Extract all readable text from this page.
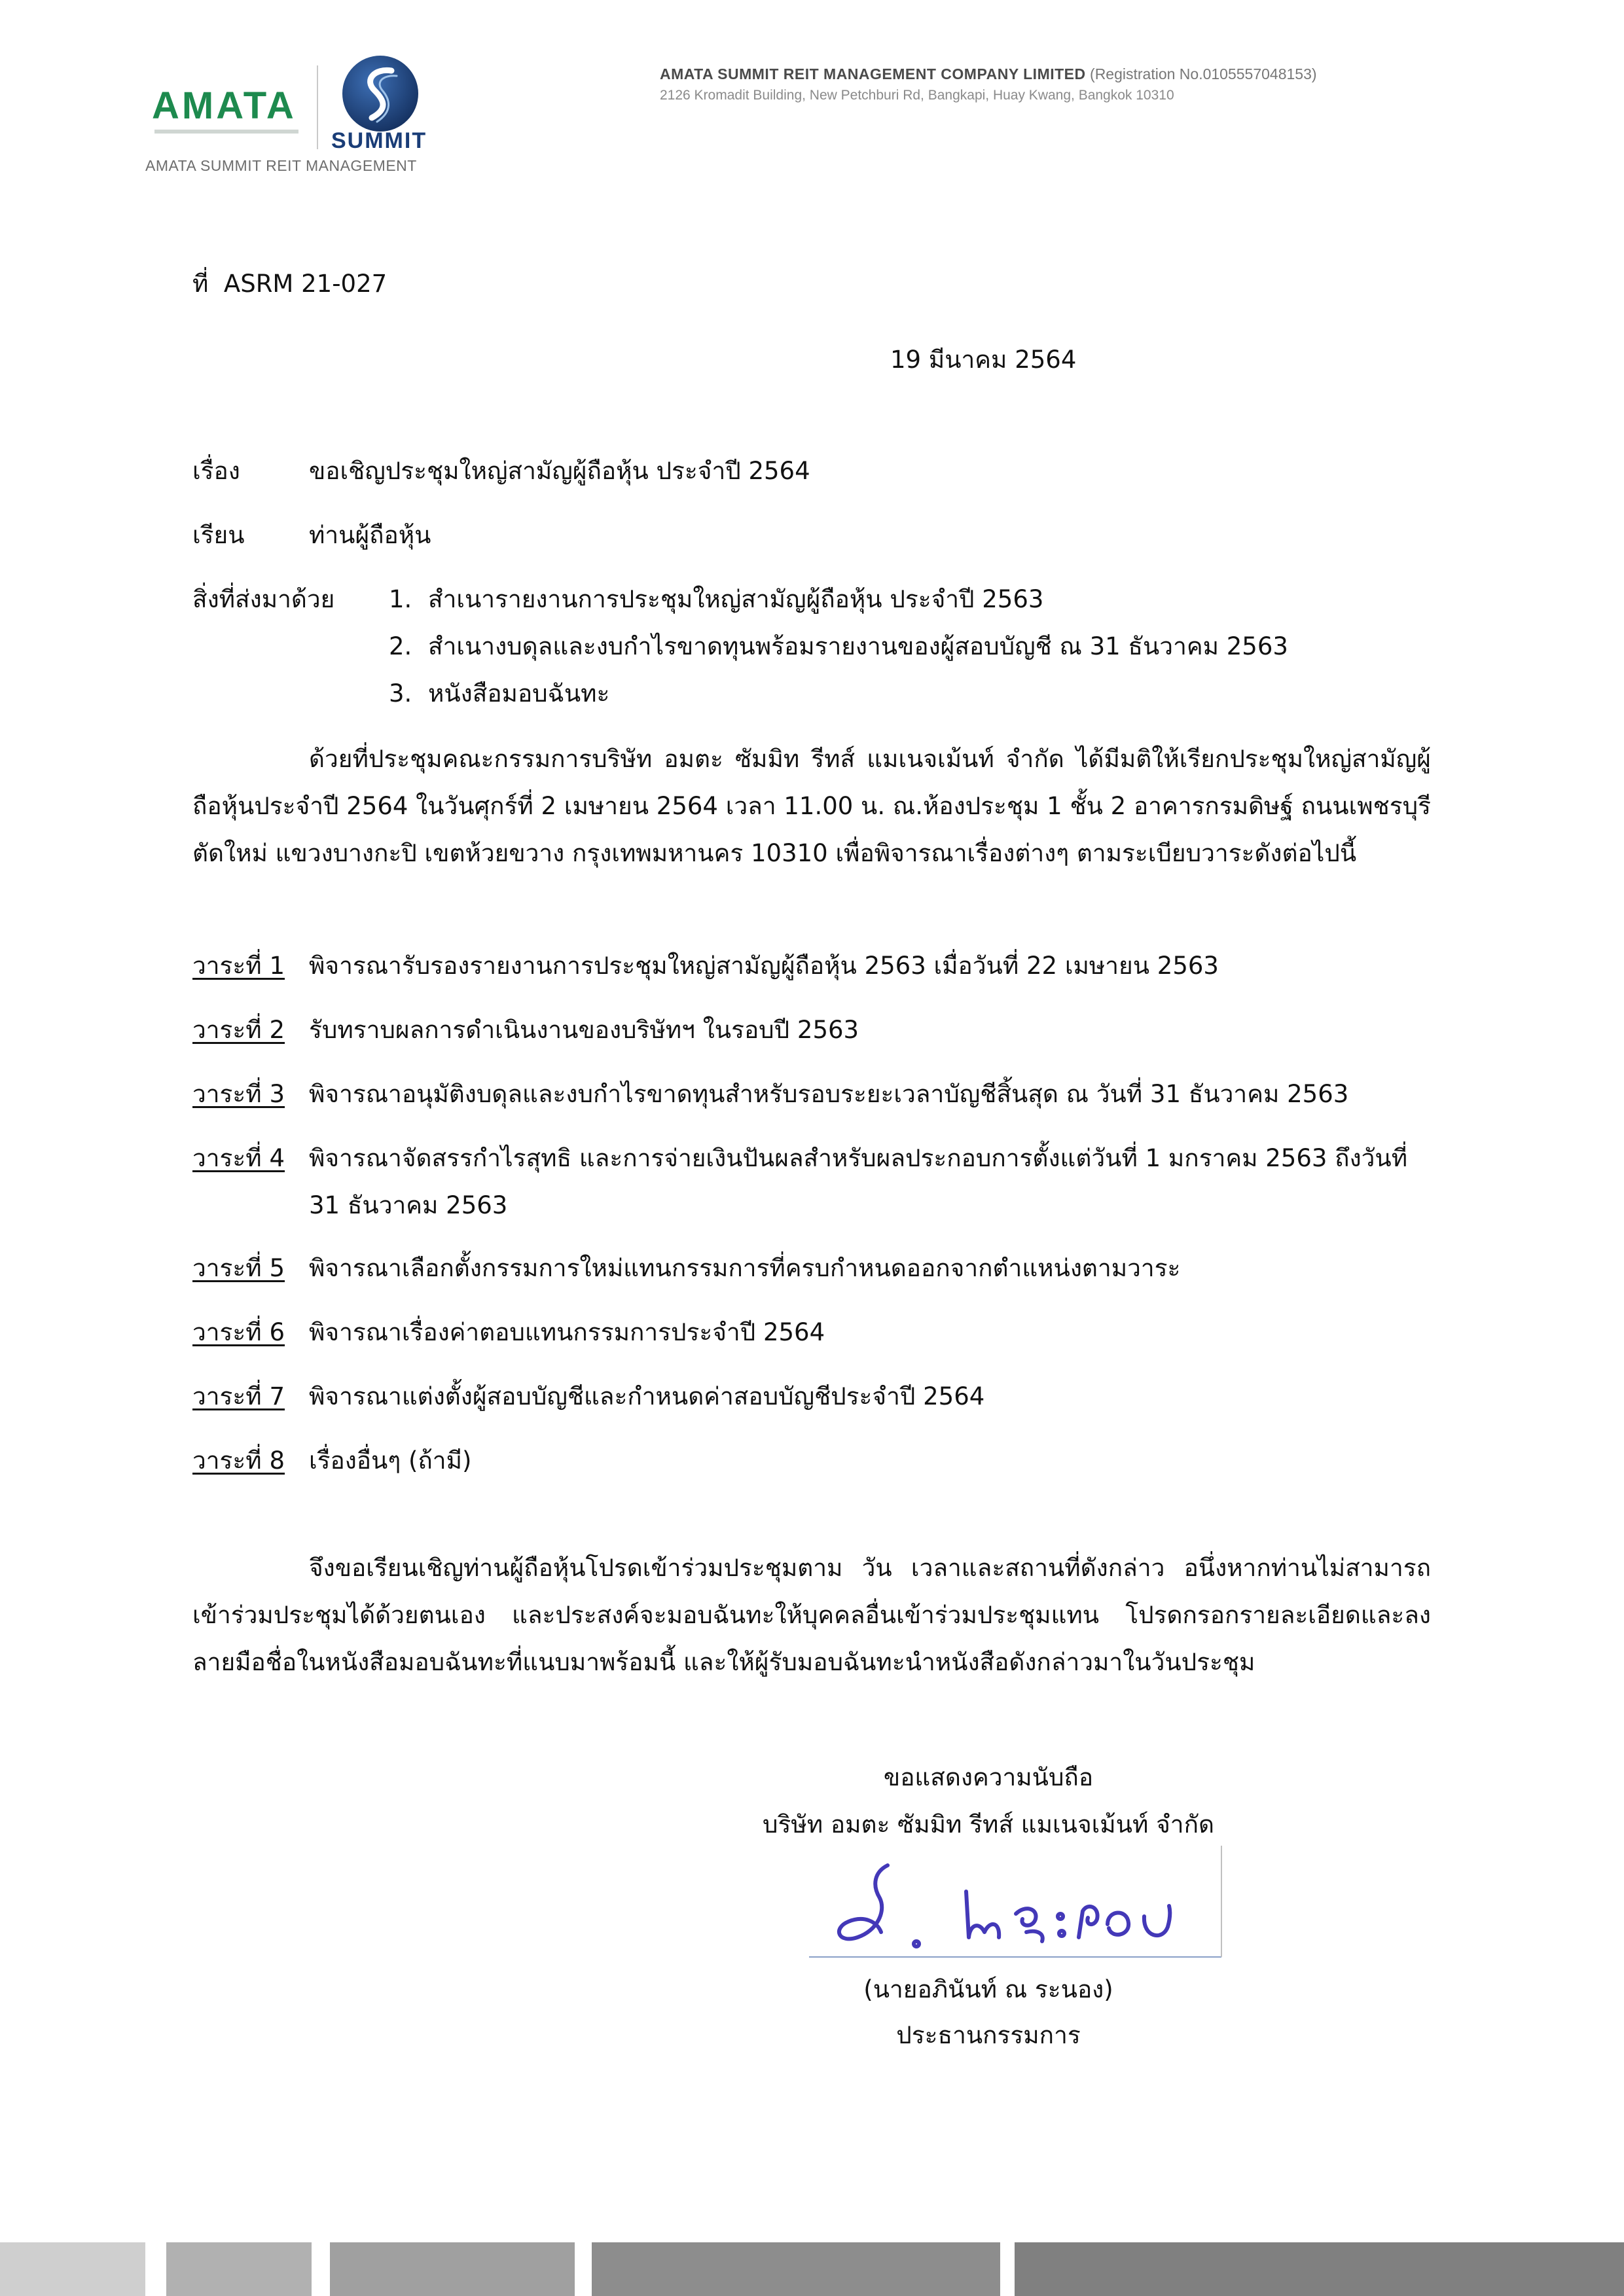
AMATA
SUMMIT
AMATA SUMMIT REIT MANAGEMENT
AMATA SUMMIT REIT MANAGEMENT COMPANY LIMITED (Registration No.0105557048153)
2126 Kromadit Building, New Petchburi Rd, Bangkapi, Huay Kwang, Bangkok 10310
ที่ ASRM 21-027
19 มีนาคม 2564
เรื่อง	ขอเชิญประชุมใหญ่สามัญผู้ถือหุ้น ประจำปี 2564
เรียน	ท่านผู้ถือหุ้น
สิ่งที่ส่งมาด้วย 1. สำเนารายงานการประชุมใหญ่สามัญผู้ถือหุ้น ประจำปี 2563
2. สำเนางบดุลและงบกำไรขาดทุนพร้อมรายงานของผู้สอบบัญชี ณ 31 ธันวาคม 2563
3. หนังสือมอบฉันทะ
ด้วยที่ประชุมคณะกรรมการบริษัท อมตะ ซัมมิท รีทส์ แมเนจเม้นท์ จำกัด ได้มีมติให้เรียกประชุมใหญ่สามัญผู้ถือหุ้นประจำปี 2564 ในวันศุกร์ที่ 2 เมษายน 2564 เวลา 11.00 น. ณ.ห้องประชุม 1 ชั้น 2 อาคารกรมดิษฐ์ ถนนเพชรบุรีตัดใหม่ แขวงบางกะปิ เขตห้วยขวาง กรุงเทพมหานคร 10310 เพื่อพิจารณาเรื่องต่างๆ ตามระเบียบวาระดังต่อไปนี้
วาระที่ 1 พิจารณารับรองรายงานการประชุมใหญ่สามัญผู้ถือหุ้น 2563 เมื่อวันที่ 22 เมษายน 2563
วาระที่ 2 รับทราบผลการดำเนินงานของบริษัทฯ ในรอบปี 2563
วาระที่ 3 พิจารณาอนุมัติงบดุลและงบกำไรขาดทุนสำหรับรอบระยะเวลาบัญชีสิ้นสุด ณ วันที่ 31 ธันวาคม 2563
วาระที่ 4 พิจารณาจัดสรรกำไรสุทธิ และการจ่ายเงินปันผลสำหรับผลประกอบการตั้งแต่วันที่ 1 มกราคม 2563 ถึงวันที่
31 ธันวาคม 2563
วาระที่ 5 พิจารณาเลือกตั้งกรรมการใหม่แทนกรรมการที่ครบกำหนดออกจากตำแหน่งตามวาระ
วาระที่ 6 พิจารณาเรื่องค่าตอบแทนกรรมการประจำปี 2564
วาระที่ 7 พิจารณาแต่งตั้งผู้สอบบัญชีและกำหนดค่าสอบบัญชีประจำปี 2564
วาระที่ 8 เรื่องอื่นๆ (ถ้ามี)
จึงขอเรียนเชิญท่านผู้ถือหุ้นโปรดเข้าร่วมประชุมตาม วัน เวลาและสถานที่ดังกล่าว อนึ่งหากท่านไม่สามารถเข้าร่วมประชุมได้ด้วยตนเอง และประสงค์จะมอบฉันทะให้บุคคลอื่นเข้าร่วมประชุมแทน โปรดกรอกรายละเอียดและลงลายมือชื่อในหนังสือมอบฉันทะที่แนบมาพร้อมนี้ และให้ผู้รับมอบฉันทะนำหนังสือดังกล่าวมาในวันประชุม
ขอแสดงความนับถือ
บริษัท อมตะ ซัมมิท รีทส์ แมเนจเม้นท์ จำกัด
(นายอภินันท์ ณ ระนอง)
ประธานกรรมการ
